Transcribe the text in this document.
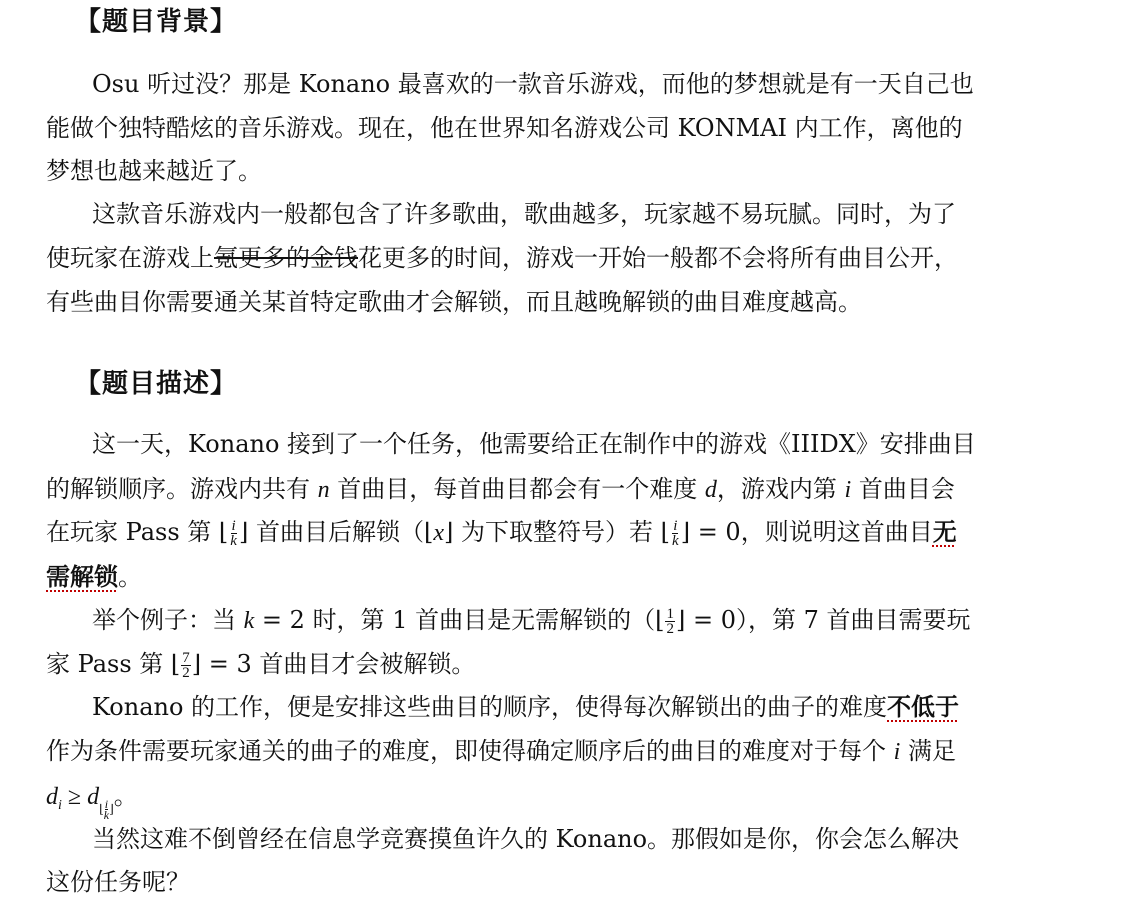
【题目背景】
Osu 听过没？那是 Konano 最喜欢的一款音乐游戏，而他的梦想就是有一天自己也
能做个独特酷炫的音乐游戏。现在，他在世界知名游戏公司 KONMAI 内工作，离他的
梦想也越来越近了。
这款音乐游戏内一般都包含了许多歌曲，歌曲越多，玩家越不易玩腻。同时，为了
使玩家在游戏上氪更多的金钱花更多的时间，游戏一开始一般都不会将所有曲目公开，
有些曲目你需要通关某首特定歌曲才会解锁，而且越晚解锁的曲目难度越高。
【题目描述】
这一天，Konano 接到了一个任务，他需要给正在制作中的游戏《IIIDX》安排曲目
的解锁顺序。游戏内共有 n 首曲目，每首曲目都会有一个难度 d，游戏内第 i 首曲目会
在玩家 Pass 第 ⌊ $\frac{i}{k}$ ⌋ 首曲目后解锁（⌊x⌋ 为下取整符号）若 ⌊ $\frac{i}{k}$ ⌋ = 0，则说明这首曲目无
需解锁。
举个例子：当 k = 2 时，第 1 首曲目是无需解锁的（⌊ $\frac{1}{2}$ ⌋ = 0），第 7 首曲目需要玩
家 Pass 第 ⌊ $\frac{7}{2}$ ⌋ = 3 首曲目才会被解锁。
Konano 的工作，便是安排这些曲目的顺序，使得每次解锁出的曲子的难度不低于
作为条件需要玩家通关的曲子的难度，即使得确定顺序后的曲目的难度对于每个 i 满足
$d_i \ge d$ ⌊ $\frac{i}{k}$ ⌋ 。
当然这难不倒曾经在信息学竞赛摸鱼许久的 Konano。那假如是你，你会怎么解决
这份任务呢？
